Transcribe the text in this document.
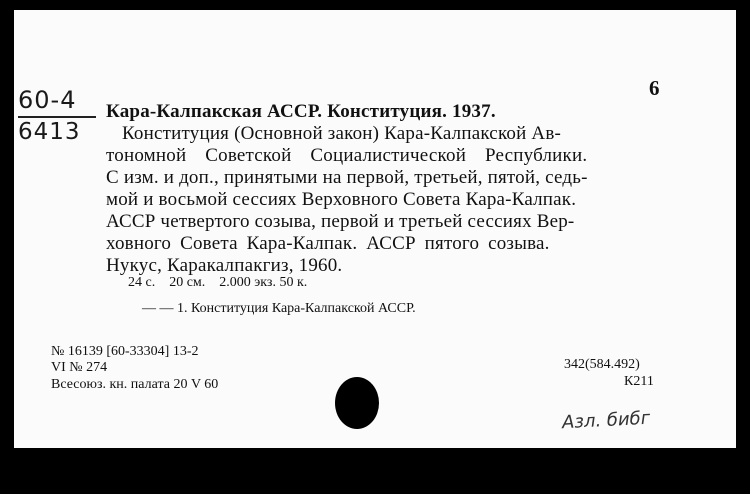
60-4
6413
6
Кара-Калпакская АССР. Конституция. 1937.
Конституция (Основной закон) Кара-Калпакской Ав-
тономной Советской Социалистической Республики.
С изм. и доп., принятыми на первой, третьей, пятой, седь-
мой и восьмой сессиях Верховного Совета Кара-Калпак.
АССР четвертого созыва, первой и третьей сессиях Вер-
ховного Совета Кара-Калпак. АССР пятого созыва.
Нукус, Каракалпакгиз, 1960.
24 с.    20 см.    2.000 экз. 50 к.
— — 1. Конституция Кара-Калпакской АССР.
№ 16139 [60-33304] 13-2
VI № 274
Всесоюз. кн. палата 20 V 60
342(584.492)
К211
Азл. бибг
